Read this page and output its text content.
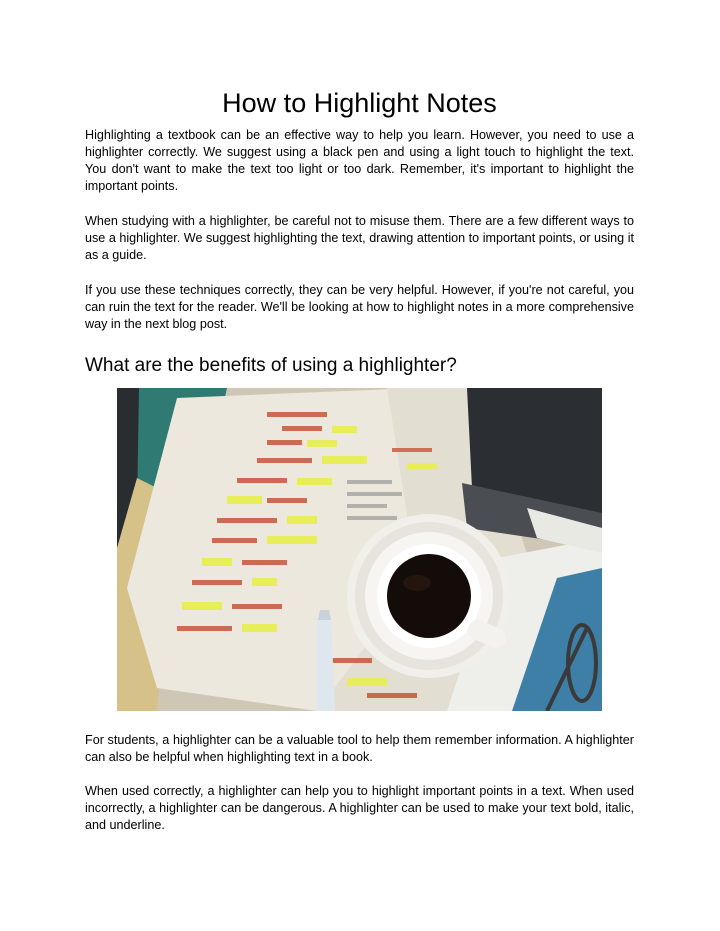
How to Highlight Notes

Highlighting a textbook can be an effective way to help you learn. However, you need to use a highlighter correctly. We suggest using a black pen and using a light touch to highlight the text. You don't want to make the text too light or too dark. Remember, it's important to highlight the important points.

When studying with a highlighter, be careful not to misuse them. There are a few different ways to use a highlighter. We suggest highlighting the text, drawing attention to important points, or using it as a guide.

If you use these techniques correctly, they can be very helpful. However, if you're not careful, you can ruin the text for the reader. We'll be looking at how to highlight notes in a more comprehensive way in the next blog post.

What are the benefits of using a highlighter?

For students, a highlighter can be a valuable tool to help them remember information. A highlighter can also be helpful when highlighting text in a book.

When used correctly, a highlighter can help you to highlight important points in a text. When used incorrectly, a highlighter can be dangerous. A highlighter can be used to make your text bold, italic, and underline.
